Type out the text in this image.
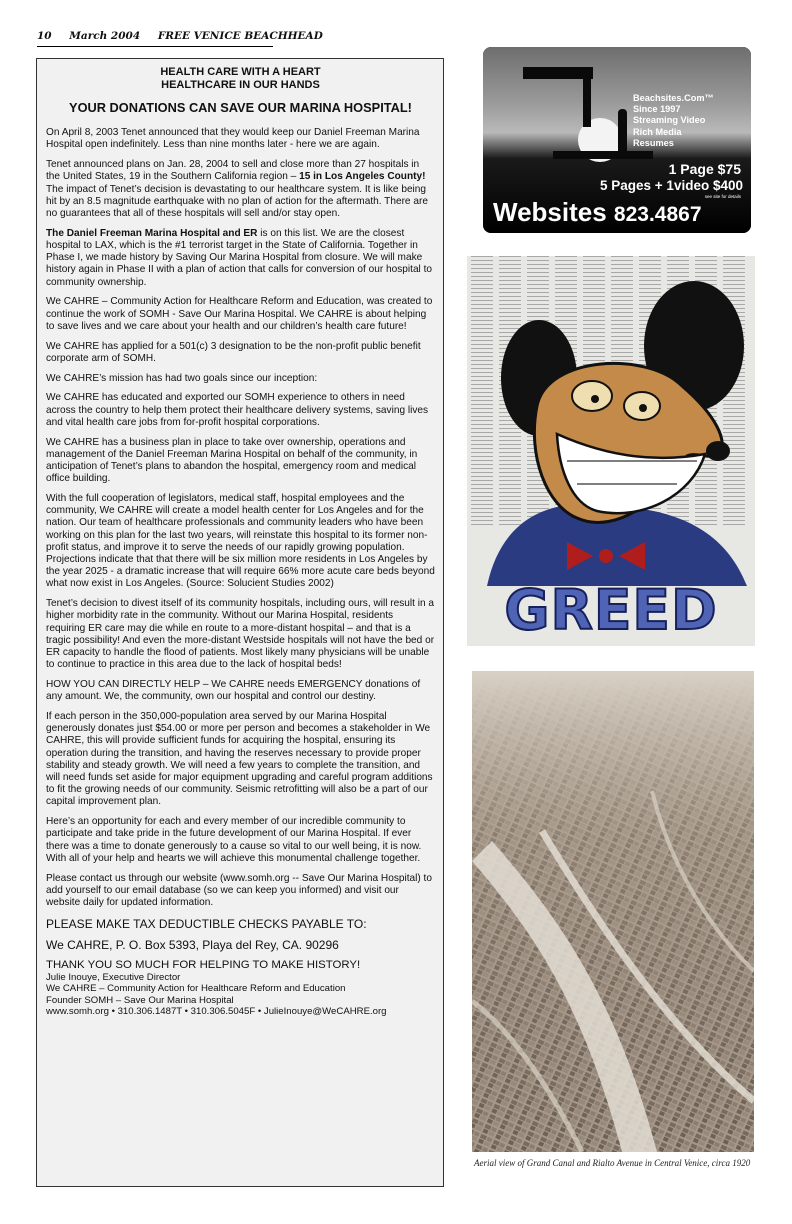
10 March 2004 FREE VENICE BEACHHEAD
HEALTH CARE WITH A HEART
HEALTHCARE IN OUR HANDS
YOUR DONATIONS CAN SAVE OUR MARINA HOSPITAL!

On April 8, 2003 Tenet announced that they would keep our Daniel Freeman Marina Hospital open indefinitely. Less than nine months later - here we are again.

Tenet announced plans on Jan. 28, 2004 to sell and close more than 27 hospitals in the United States, 19 in the Southern California region – 15 in Los Angeles County! The impact of Tenet’s decision is devastating to our healthcare system. It is like being hit by an 8.5 magnitude earthquake with no plan of action for the aftermath. There are no guarantees that all of these hospitals will sell and/or stay open.

The Daniel Freeman Marina Hospital and ER is on this list. We are the closest hospital to LAX, which is the #1 terrorist target in the State of California. Together in Phase I, we made history by Saving Our Marina Hospital from closure. We will make history again in Phase II with a plan of action that calls for conversion of our hospital to community ownership.

We CAHRE – Community Action for Healthcare Reform and Education, was created to continue the work of SOMH - Save Our Marina Hospital. We CAHRE is about helping to save lives and we care about your health and our children’s health care future!

We CAHRE has applied for a 501(c) 3 designation to be the non-profit public benefit corporate arm of SOMH.

We CAHRE’s mission has had two goals since our inception:

We CAHRE has educated and exported our SOMH experience to others in need across the country to help them protect their healthcare delivery systems, saving lives and vital health care jobs from for-profit hospital corporations.

We CAHRE has a business plan in place to take over ownership, operations and management of the Daniel Freeman Marina Hospital on behalf of the community, in anticipation of Tenet’s plans to abandon the hospital, emergency room and medical office building.

With the full cooperation of legislators, medical staff, hospital employees and the community, We CAHRE will create a model health center for Los Angeles and for the nation. Our team of healthcare professionals and community leaders who have been working on this plan for the last two years, will reinstate this hospital to its former non-profit status, and improve it to serve the needs of our rapidly growing population. Projections indicate that that there will be six million more residents in Los Angeles by the year 2025 - a dramatic increase that will require 66% more acute care beds beyond what now exist in Los Angeles. (Source: Solucient Studies 2002)

Tenet’s decision to divest itself of its community hospitals, including ours, will result in a higher morbidity rate in the community. Without our Marina Hospital, residents requiring ER care may die while en route to a more-distant hospital – and that is a tragic possibility! And even the more-distant Westside hospitals will not have the bed or ER capacity to handle the flood of patients. Most likely many physicians will be unable to continue to practice in this area due to the lack of hospital beds!

HOW YOU CAN DIRECTLY HELP – We CAHRE needs EMERGENCY donations of any amount. We, the community, own our hospital and control our destiny.

If each person in the 350,000-population area served by our Marina Hospital generously donates just $54.00 or more per person and becomes a stakeholder in We CAHRE, this will provide sufficient funds for acquiring the hospital, ensuring its operation during the transition, and having the reserves necessary to provide proper stability and steady growth. We will need a few years to complete the transition, and will need funds set aside for major equipment upgrading and careful program additions to fit the growing needs of our community. Seismic retrofitting will also be a part of our capital improvement plan.

Here’s an opportunity for each and every member of our incredible community to participate and take pride in the future development of our Marina Hospital. If ever there was a time to donate generously to a cause so vital to our well being, it is now. With all of your help and hearts we will achieve this monumental challenge together.

Please contact us through our website (www.somh.org -- Save Our Marina Hospital) to add yourself to our email database (so we can keep you informed) and visit our website daily for updated information.

PLEASE MAKE TAX DEDUCTIBLE CHECKS PAYABLE TO:

We CAHRE, P. O. Box 5393, Playa del Rey, CA. 90296

THANK YOU SO MUCH FOR HELPING TO MAKE HISTORY!

Julie Inouye, Executive Director

We CAHRE – Community Action for Healthcare Reform and Education

Founder SOMH – Save Our Marina Hospital

www.somh.org • 310.306.1487T • 310.306.5045F • JulieInouye@WeCAHRE.org

Beachsites.Com™
Since 1997
Streaming Video
Rich Media
Resumes
1 Page $75
5 Pages + 1video $400
see site for details
Websites 823.4867
GREED
Aerial view of Grand Canal and Rialto Avenue in Central Venice, circa 1920
